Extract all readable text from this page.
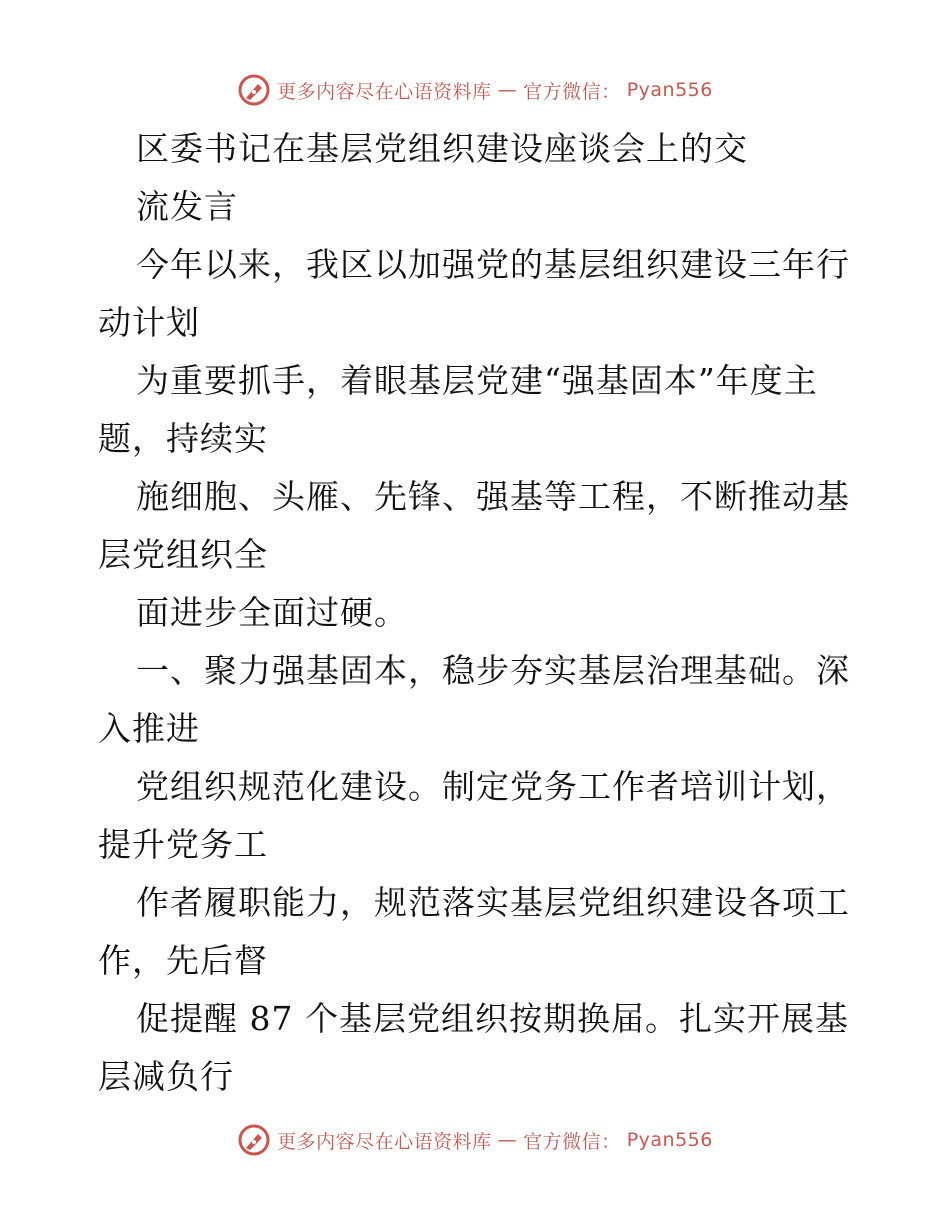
更多内容尽在心语资料库 — 官方微信： Pyan556
区委书记在基层党组织建设座谈会上的交
流发言
今年以来，我区以加强党的基层组织建设三年行
动计划
为重要抓手，着眼基层党建“强基固本”年度主
题，持续实
施细胞、头雁、先锋、强基等工程，不断推动基
层党组织全
面进步全面过硬。
一、聚力强基固本，稳步夯实基层治理基础。深
入推进
党组织规范化建设。制定党务工作者培训计划，
提升党务工
作者履职能力，规范落实基层党组织建设各项工
作，先后督
促提醒 87 个基层党组织按期换届。扎实开展基
层减负行
更多内容尽在心语资料库 — 官方微信： Pyan556
